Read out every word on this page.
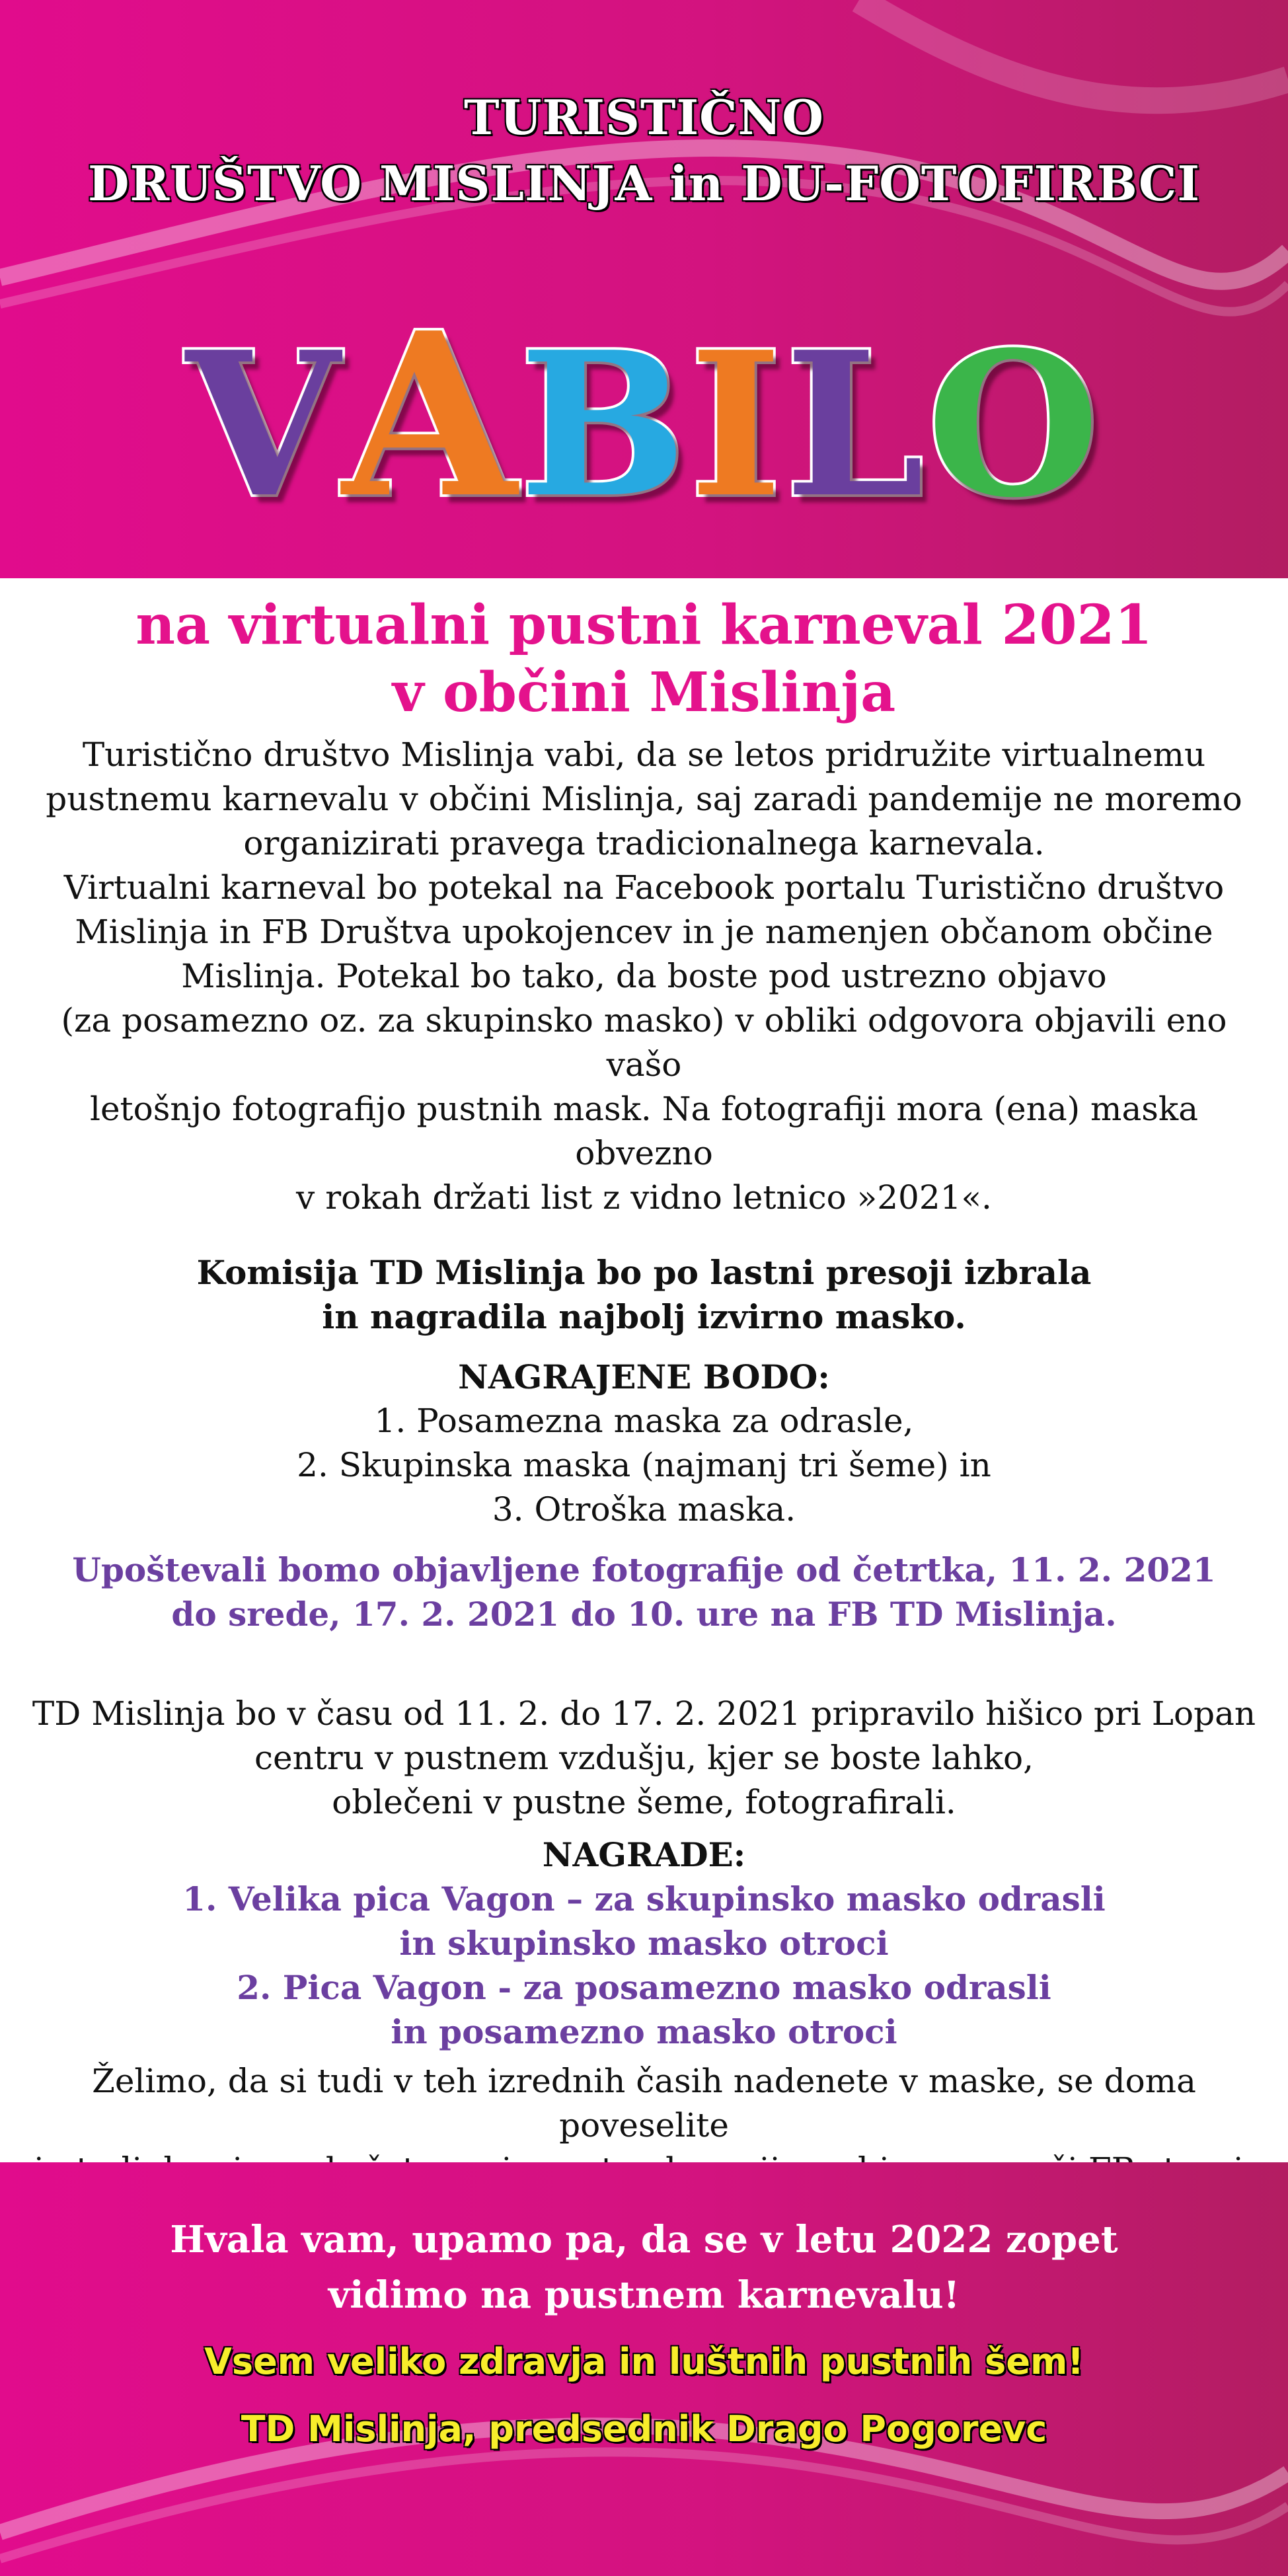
TURISTIČNO
DRUŠTVO MISLINJA in DU-FOTOFIRBCI
VABILO
na virtualni pustni karneval 2021
v občini Mislinja
Turistično društvo Mislinja vabi, da se letos pridružite virtualnemu
pustnemu karnevalu v občini Mislinja, saj zaradi pandemije ne moremo
organizirati pravega tradicionalnega karnevala.
Virtualni karneval bo potekal na Facebook portalu Turistično društvo
Mislinja in FB Društva upokojencev in je namenjen občanom občine
Mislinja. Potekal bo tako, da boste pod ustrezno objavo
(za posamezno oz. za skupinsko masko) v obliki odgovora objavili eno vašo
letošnjo fotografijo pustnih mask. Na fotografiji mora (ena) maska obvezno
v rokah držati list z vidno letnico »2021«.
Komisija TD Mislinja bo po lastni presoji izbrala
in nagradila najbolj izvirno masko.
NAGRAJENE BODO:
1. Posamezna maska za odrasle,
2. Skupinska maska (najmanj tri šeme) in
3. Otroška maska.
Upoštevali bomo objavljene fotografije od četrtka, 11. 2. 2021
do srede, 17. 2. 2021 do 10. ure na FB TD Mislinja.
TD Mislinja bo v času od 11. 2. do 17. 2. 2021 pripravilo hišico pri Lopan
centru v pustnem vzdušju, kjer se boste lahko,
oblečeni v pustne šeme, fotografirali.
NAGRADE:
1. Velika pica Vagon – za skupinsko masko odrasli
in skupinsko masko otroci
2. Pica Vagon - za posamezno masko odrasli
in posamezno masko otroci
Želimo, da si tudi v teh izrednih časih nadenete v maske, se doma poveselite
Hvala vam, upamo pa, da se v letu 2022 zopet
vidimo na pustnem karnevalu!
Vsem veliko zdravja in luštnih pustnih šem!
TD Mislinja, predsednik Drago Pogorevc
